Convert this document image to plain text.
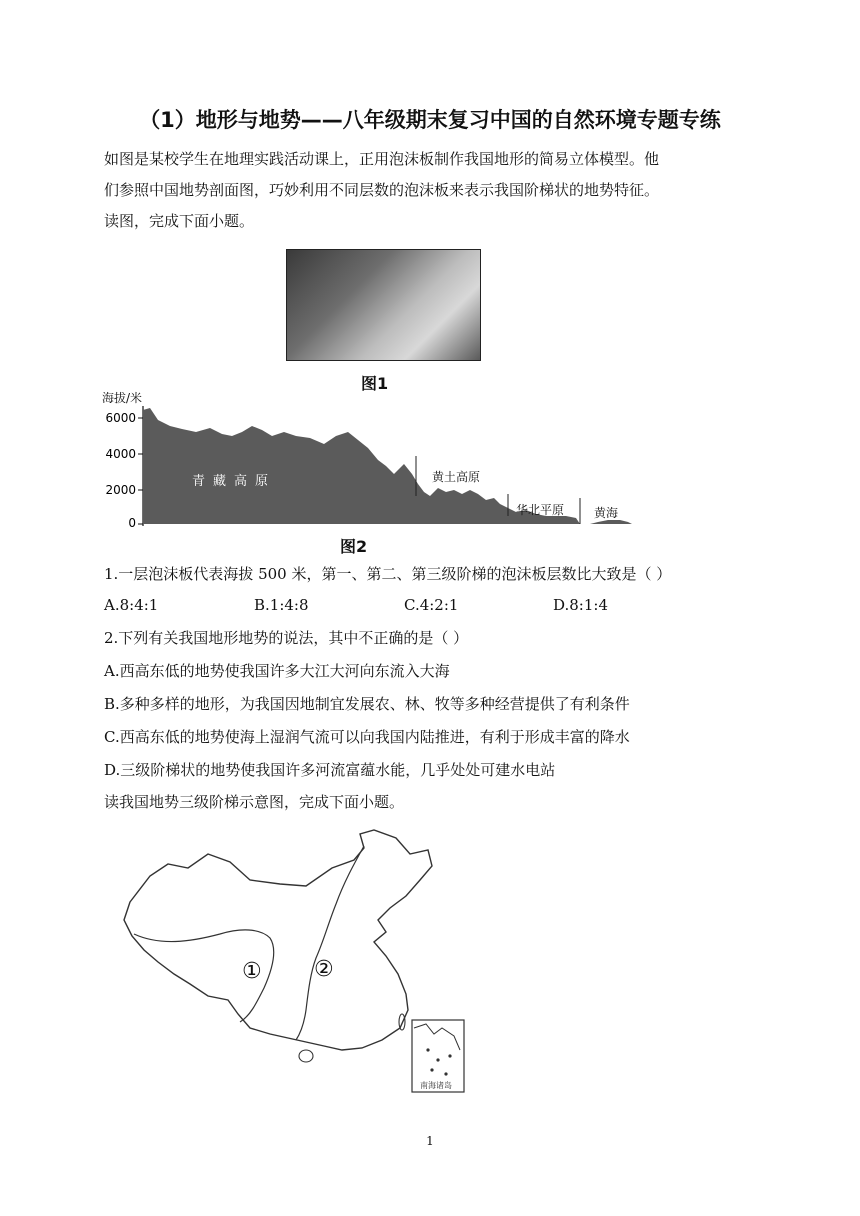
（1）地形与地势——八年级期末复习中国的自然环境专题专练
如图是某校学生在地理实践活动课上，正用泡沫板制作我国地形的简易立体模型。他
们参照中国地势剖面图，巧妙利用不同层数的泡沫板来表示我国阶梯状的地势特征。
读图，完成下面小题。
图1
海拔/米
6000
4000
2000
0
青藏高原	黄土高原
华北平原 黄海
图2
1.一层泡沫板代表海拔 500 米，第一、第二、第三级阶梯的泡沫板层数比大致是（ ）
A.8:4:1	B.1:4:8	C.4:2:1	D.8:1:4
2.下列有关我国地形地势的说法，其中不正确的是（ ）
A.西高东低的地势使我国许多大江大河向东流入大海
B.多种多样的地形，为我国因地制宜发展农、林、牧等多种经营提供了有利条件
C.西高东低的地势使海上湿润气流可以向我国内陆推进，有利于形成丰富的降水
D.三级阶梯状的地势使我国许多河流富蕴水能，几乎处处可建水电站
读我国地势三级阶梯示意图，完成下面小题。
① ②
南海诸岛
1
